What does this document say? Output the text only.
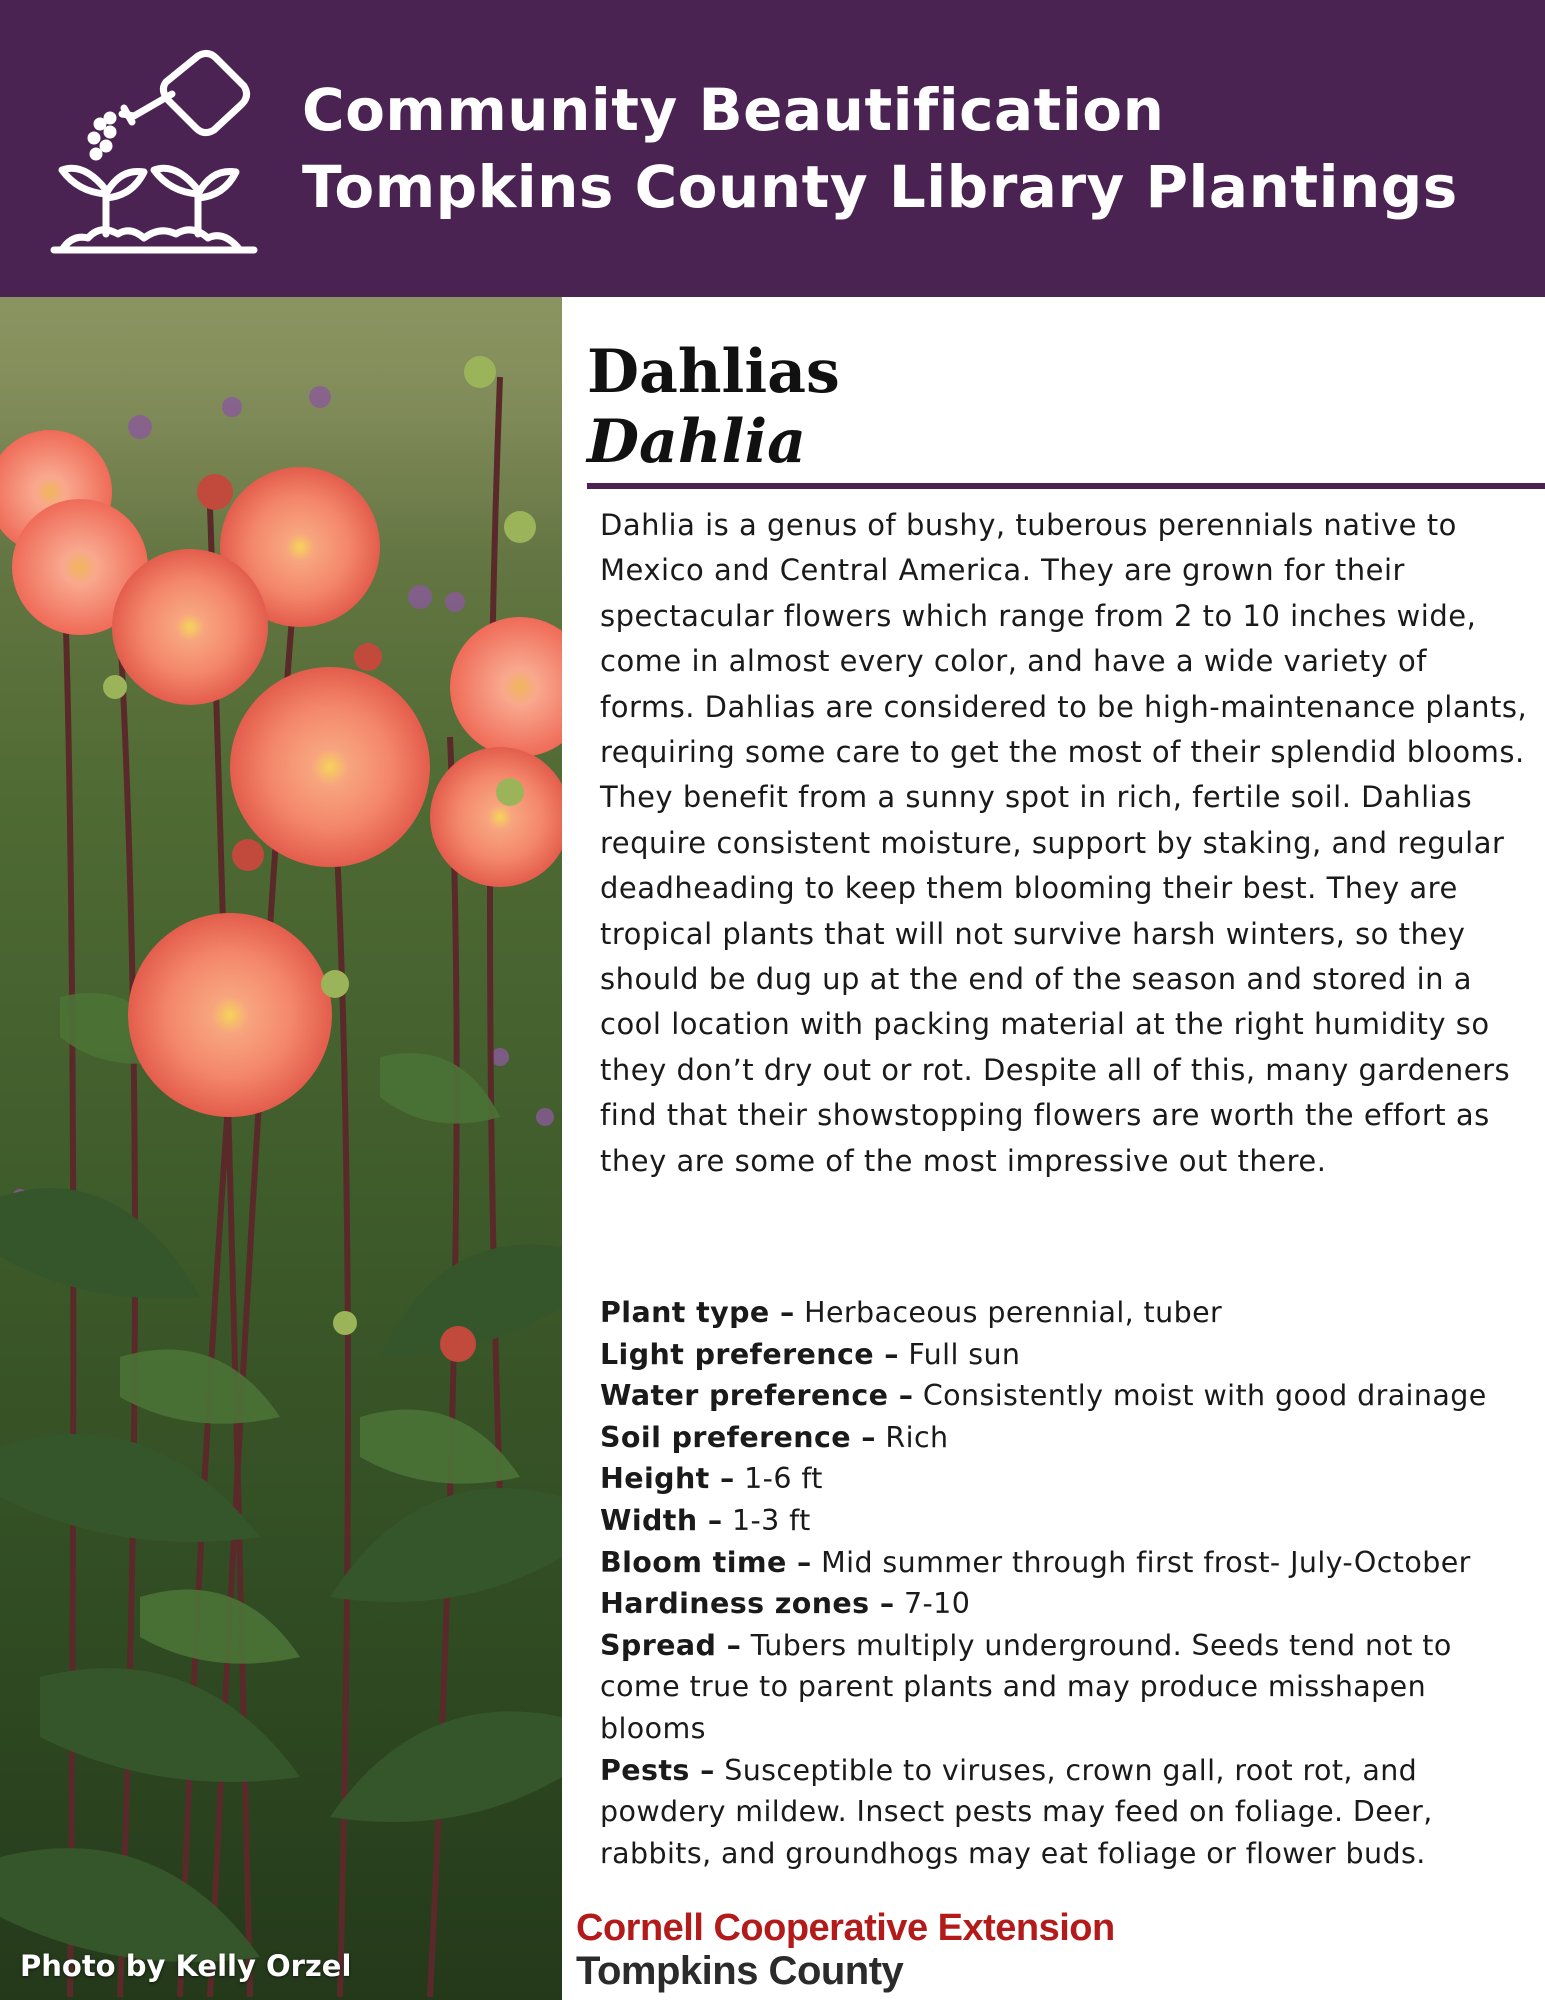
Community Beautification
Tompkins County Library Plantings
Photo by Kelly Orzel
Dahlias
Dahlia

Dahlia is a genus of bushy, tuberous perennials native to Mexico and Central America. They are grown for their spectacular flowers which range from 2 to 10 inches wide, come in almost every color, and have a wide variety of forms. Dahlias are considered to be high-maintenance plants, requiring some care to get the most of their splendid blooms. They benefit from a sunny spot in rich, fertile soil. Dahlias require consistent moisture, support by staking, and regular deadheading to keep them blooming their best. They are tropical plants that will not survive harsh winters, so they should be dug up at the end of the season and stored in a cool location with packing material at the right humidity so they don’t dry out or rot. Despite all of this, many gardeners find that their showstopping flowers are worth the effort as they are some of the most impressive out there.

Plant type – Herbaceous perennial, tuber
Light preference – Full sun
Water preference – Consistently moist with good drainage
Soil preference – Rich
Height – 1-6 ft
Width – 1-3 ft
Bloom time – Mid summer through first frost- July-October
Hardiness zones – 7-10
Spread – Tubers multiply underground. Seeds tend not to come true to parent plants and may produce misshapen blooms
Pests – Susceptible to viruses, crown gall, root rot, and powdery mildew. Insect pests may feed on foliage. Deer, rabbits, and groundhogs may eat foliage or flower buds.
Cornell Cooperative Extension
Tompkins County
